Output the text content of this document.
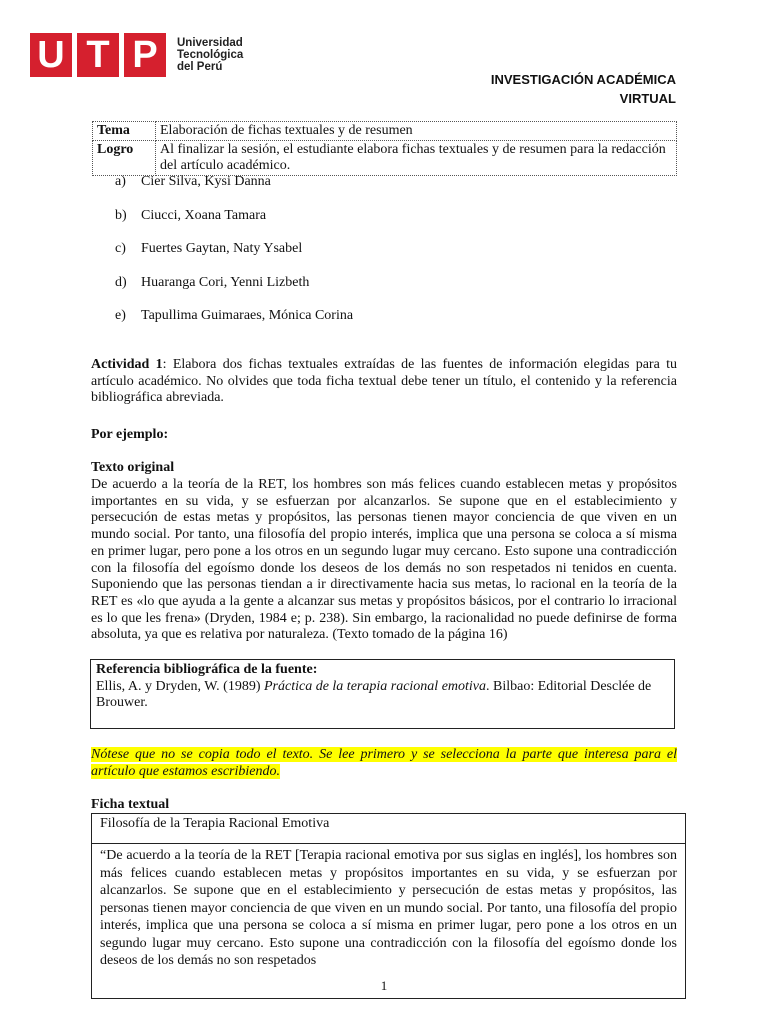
U T P	Universidad
Tecnológica
del Perú
INVESTIGACIÓN ACADÉMICA
VIRTUAL
Tema	Elaboración de fichas textuales y de resumen
Logro	Al finalizar la sesión, el estudiante elabora fichas textuales y de resumen para la redacción del artículo académico.
a)	Cier Silva, Kysi Danna
b)	Ciucci, Xoana Tamara
c)	Fuertes Gaytan, Naty Ysabel
d)	Huaranga Cori, Yenni Lizbeth
e)	Tapullima Guimaraes, Mónica Corina

Actividad 1: Elabora dos fichas textuales extraídas de las fuentes de información elegidas para tu artículo académico. No olvides que toda ficha textual debe tener un título, el contenido y la referencia bibliográfica abreviada.

Por ejemplo:
Texto original

De acuerdo a la teoría de la RET, los hombres son más felices cuando establecen metas y propósitos importantes en su vida, y se esfuerzan por alcanzarlos. Se supone que en el establecimiento y persecución de estas metas y propósitos, las personas tienen mayor conciencia de que viven en un mundo social. Por tanto, una filosofía del propio interés, implica que una persona se coloca a sí misma en primer lugar, pero pone a los otros en un segundo lugar muy cercano. Esto supone una contradicción con la filosofía del egoísmo donde los deseos de los demás no son respetados ni tenidos en cuenta. Suponiendo que las personas tiendan a ir directivamente hacia sus metas, lo racional en la teoría de la RET es «lo que ayuda a la gente a alcanzar sus metas y propósitos básicos, por el contrario lo irracional es lo que les frena» (Dryden, 1984 e; p. 238). Sin embargo, la racionalidad no puede definirse de forma absoluta, ya que es relativa por naturaleza. (Texto tomado de la página 16)

Referencia bibliográfica de la fuente:
Ellis, A. y Dryden, W. (1989) Práctica de la terapia racional emotiva. Bilbao: Editorial Desclée de Brouwer.
Nótese que no se copia todo el texto. Se lee primero y se selecciona la parte que interesa para el artículo que estamos escribiendo.
Ficha textual
Filosofía de la Terapia Racional Emotiva
“De acuerdo a la teoría de la RET [Terapia racional emotiva por sus siglas en inglés], los hombres son más felices cuando establecen metas y propósitos importantes en su vida, y se esfuerzan por alcanzarlos. Se supone que en el establecimiento y persecución de estas metas y propósitos, las personas tienen mayor conciencia de que viven en un mundo social. Por tanto, una filosofía del propio interés, implica que una persona se coloca a sí misma en primer lugar, pero pone a los otros en un segundo lugar muy cercano. Esto supone una contradicción con la filosofía del egoísmo donde los deseos de los demás no son respetados
1
